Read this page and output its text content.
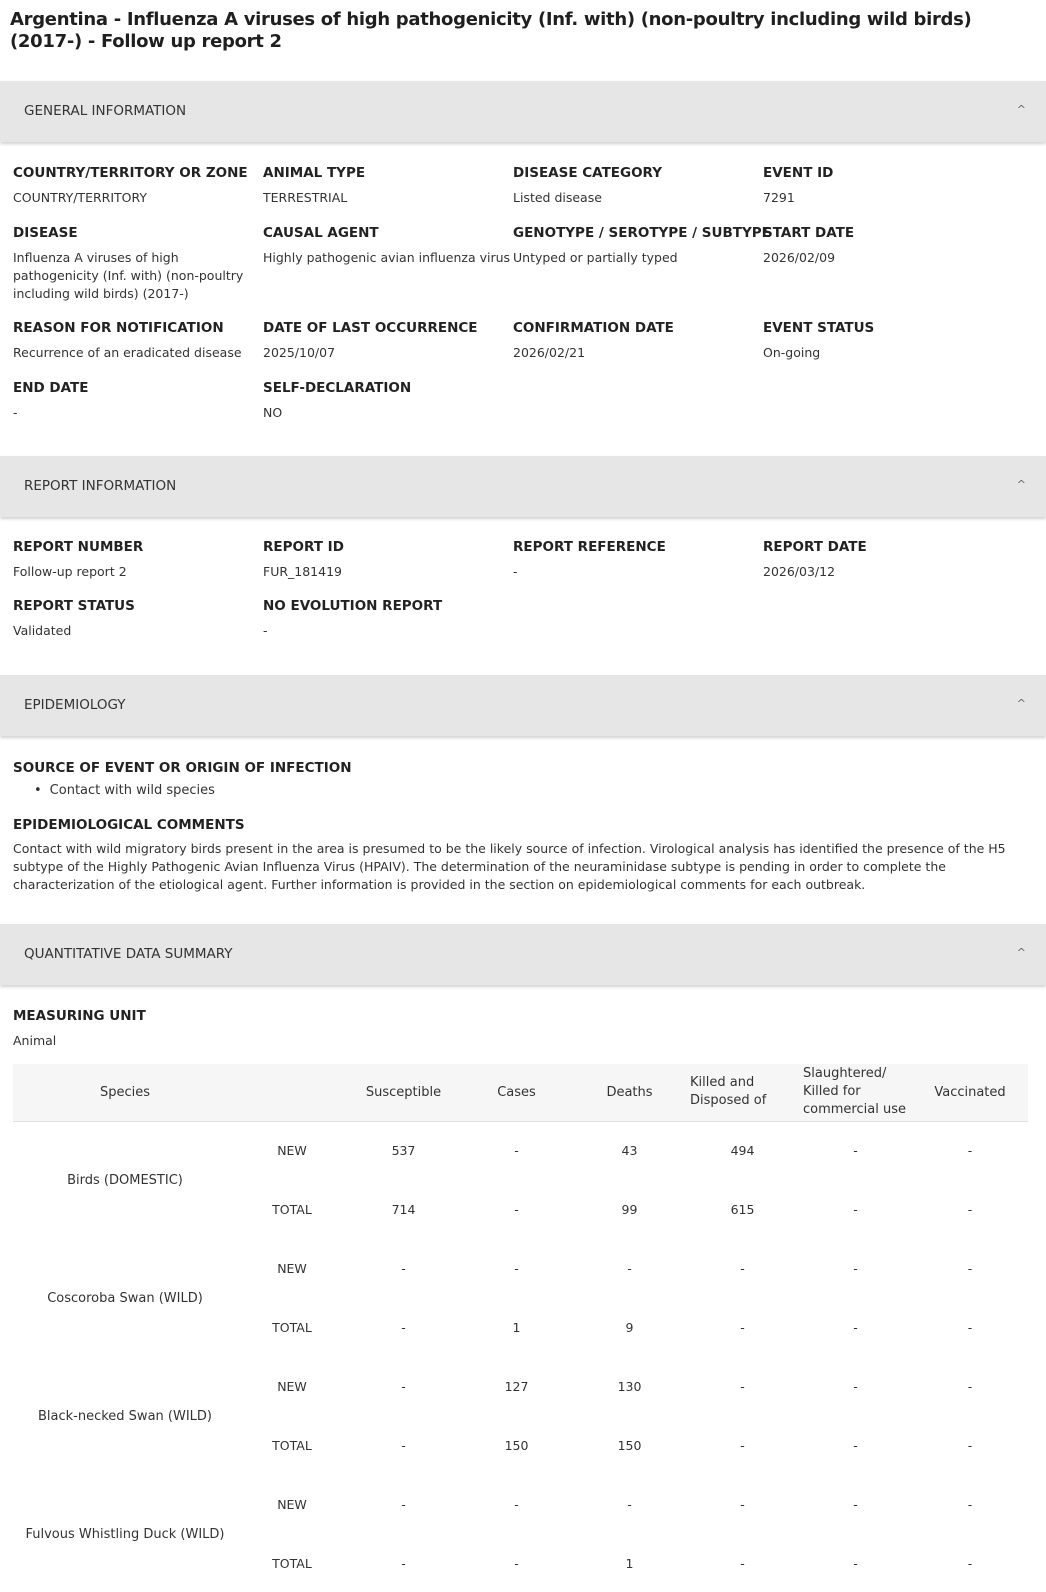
Argentina - Influenza A viruses of high pathogenicity (Inf. with) (non-poultry including wild birds) (2017-) - Follow up report 2
GENERAL INFORMATION	^
COUNTRY/TERRITORY OR ZONE
COUNTRY/TERRITORY
ANIMAL TYPE
TERRESTRIAL
DISEASE CATEGORY
Listed disease
EVENT ID
7291
DISEASE
Influenza A viruses of high pathogenicity (Inf. with) (non-poultry including wild birds) (2017-)
CAUSAL AGENT
Highly pathogenic avian influenza virus
GENOTYPE / SEROTYPE / SUBTYPE
Untyped or partially typed
START DATE
2026/02/09
REASON FOR NOTIFICATION
Recurrence of an eradicated disease
DATE OF LAST OCCURRENCE
2025/10/07
CONFIRMATION DATE
2026/02/21
EVENT STATUS
On-going
END DATE
-
SELF-DECLARATION
NO
REPORT INFORMATION	^
REPORT NUMBER
Follow-up report 2
REPORT ID
FUR_181419
REPORT REFERENCE
-
REPORT DATE
2026/03/12
REPORT STATUS
Validated
NO EVOLUTION REPORT
-
EPIDEMIOLOGY	^
SOURCE OF EVENT OR ORIGIN OF INFECTION
• Contact with wild species
EPIDEMIOLOGICAL COMMENTS
Contact with wild migratory birds present in the area is presumed to be the likely source of infection. Virological analysis has identified the presence of the H5 subtype of the Highly Pathogenic Avian Influenza Virus (HPAIV). The determination of the neuraminidase subtype is pending in order to complete the characterization of the etiological agent. Further information is provided in the section on epidemiological comments for each outbreak.
QUANTITATIVE DATA SUMMARY	^
MEASURING UNIT
Animal
Species		Susceptible	Cases	Deaths	Killed and Disposed of	Slaughtered/ Killed for commercial use	Vaccinated
Birds (DOMESTIC)	NEW	537	-	43	494	-	-
	TOTAL	714	-	99	615	-	-
Coscoroba Swan (WILD)	NEW	-	-	-	-	-	-
	TOTAL	-	1	9	-	-	-
Black-necked Swan (WILD)	NEW	-	127	130	-	-	-
	TOTAL	-	150	150	-	-	-
Fulvous Whistling Duck (WILD)	NEW	-	-	-	-	-	-
	TOTAL	-	-	1	-	-	-
